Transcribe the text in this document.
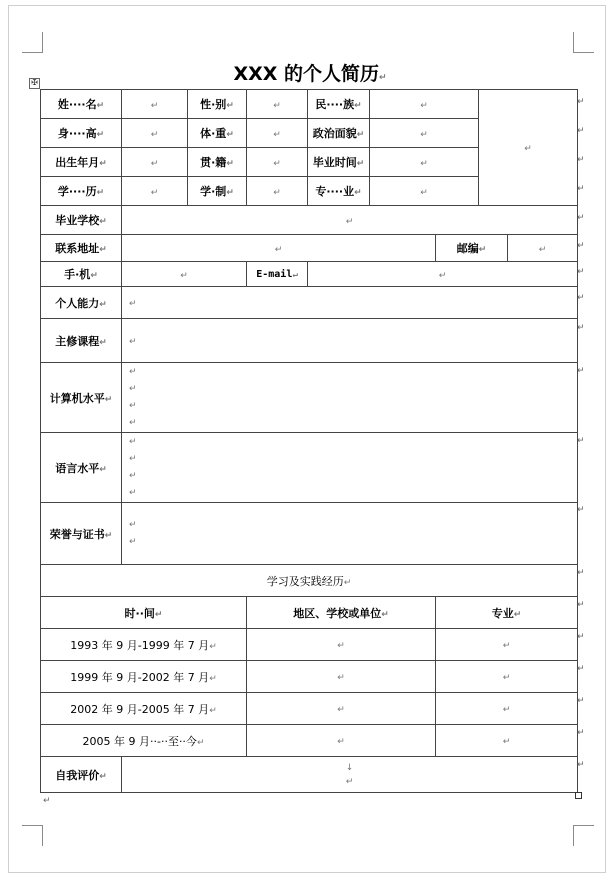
XXX 的个人简历↵
✠
姓····名↵	↵	性·别↵	↵	民····族↵	↵		↵	
身····高↵	↵	体·重↵	↵	政治面貌↵	↵			
出生年月↵	↵	贯·籍↵	↵	毕业时间↵	↵			
学····历↵	↵	学·制↵	↵	专····业↵	↵			
毕业学校↵	↵							
联系地址↵	↵					邮编↵		↵
手·机↵	↵		E-mail↵	↵				
个人能力↵	↵							
主修课程↵	↵							
计算机水平↵	↵
↵
↵
↵							

语言水平↵	↵
↵
↵
↵							

荣誉与证书↵	↵
↵							

学习及实践经历↵								
时··间↵			地区、学校或单位↵			专业↵		
1993 年 9 月-1999 年 7 月↵			↵			↵		
1999 年 9 月-2002 年 7 月↵			↵			↵		
2002 年 9 月-2005 年 7 月↵			↵			↵		
2005 年 9 月··-··至··今↵			↵			↵		
自我评价↵	↓
↵							
↵
↵
↵
↵
↵
↵
↵
↵
↵
↵
↵
↵
↵
↵
↵
↵
↵
↵
↵
↵
